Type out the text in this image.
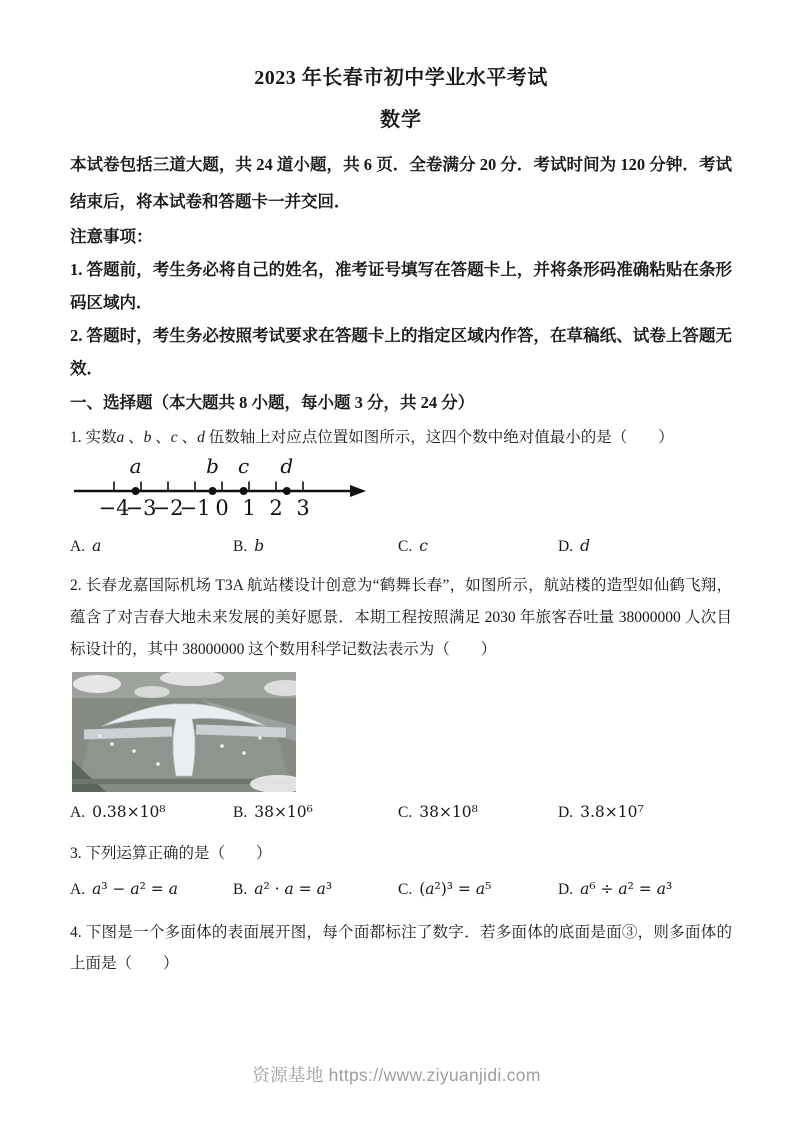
2023 年长春市初中学业水平考试
数学
本试卷包括三道大题，共 24 道小题，共 6 页．全卷满分 20 分．考试时间为 120 分钟．考试结束后，将本试卷和答题卡一并交回．
注意事项：
1. 答题前，考生务必将自己的姓名，准考证号填写在答题卡上，并将条形码准确粘贴在条形码区域内．
2. 答题时，考生务必按照考试要求在答题卡上的指定区域内作答，在草稿纸、试卷上答题无效．
一、选择题（本大题共 8 小题，每小题 3 分，共 24 分）
1. 实数a 、b 、c 、d 伍数轴上对应点位置如图所示，这四个数中绝对值最小的是（　　）
a	b c d
−4
−3
−2
−1 0 1 2 3
A. a	B. b	C. c	D. d
2. 长春龙嘉国际机场 T3A 航站楼设计创意为“鹤舞长春”，如图所示，航站楼的造型如仙鹤飞翔，蕴含了对吉春大地未来发展的美好愿景．本期工程按照满足 2030 年旅客吞吐量 38000000 人次目标设计的，其中 38000000 这个数用科学记数法表示为（　　）
A. 0.38×10⁸	B. 38×10⁶	C. 38×10⁸	D. 3.8×10⁷
3. 下列运算正确的是（　　）
A. a³ − a² = a	B. a² · a = a³	C. (a²)³ = a⁵	D. a⁶ ÷ a² = a³
4. 下图是一个多面体的表面展开图，每个面都标注了数字．若多面体的底面是面③，则多面体的上面是（　　）
资源基地 https://www.ziyuanjidi.com
